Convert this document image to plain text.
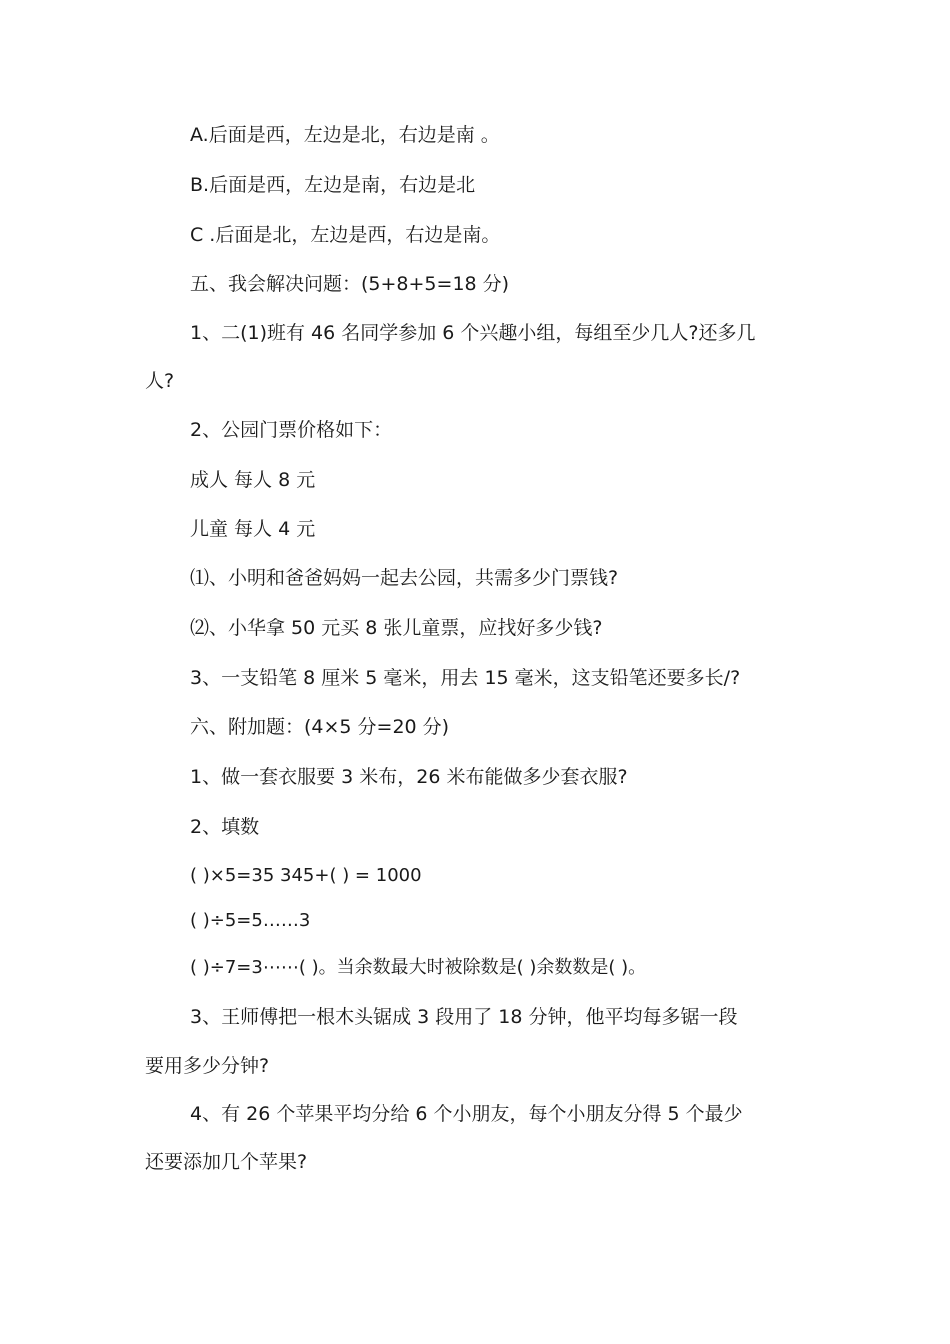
A.后面是西，左边是北，右边是南 。
B.后面是西，左边是南，右边是北
C .后面是北，左边是西，右边是南。
五、我会解决问题：(5+8+5=18 分)
1、二(1)班有 46 名同学参加 6 个兴趣小组，每组至少几人?还多几
人?
2、公园门票价格如下：
成人 每人 8 元
儿童 每人 4 元
⑴、小明和爸爸妈妈一起去公园，共需多少门票钱?
⑵、小华拿 50 元买 8 张儿童票，应找好多少钱?
3、一支铅笔 8 厘米 5 毫米，用去 15 毫米，这支铅笔还要多长/?
六、附加题：(4×5 分=20 分)
1、做一套衣服要 3 米布，26 米布能做多少套衣服?
2、填数
( )×5=35 345+( ) = 1000
( )÷5=5……3
( )÷7=3⋯⋯( )。当余数最大时被除数是( )余数数是( )。
3、王师傅把一根木头锯成 3 段用了 18 分钟，他平均每多锯一段
要用多少分钟?
4、有 26 个苹果平均分给 6 个小朋友，每个小朋友分得 5 个最少
还要添加几个苹果?
